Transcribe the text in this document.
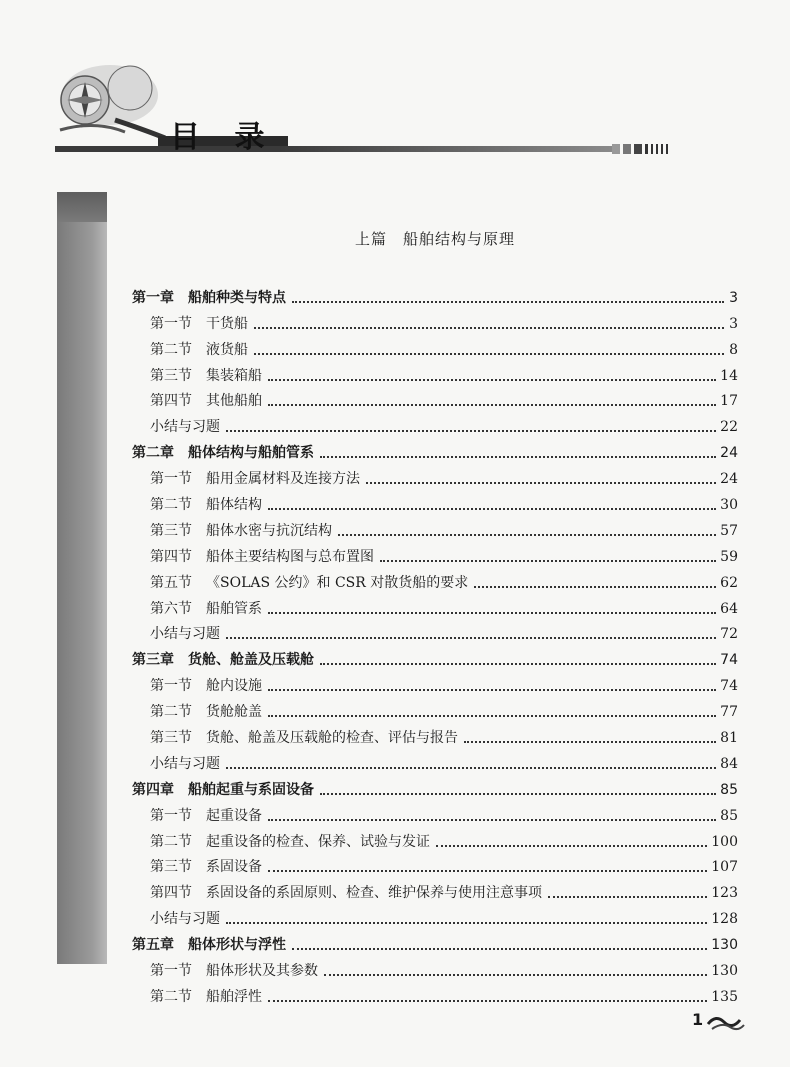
目 录
上篇　船舶结构与原理
第一章 船舶种类与特点	3
第一节 干货船	3
第二节 液货船	8
第三节 集装箱船	14
第四节 其他船舶	17
小结与习题	22
第二章 船体结构与船舶管系	24
第一节 船用金属材料及连接方法	24
第二节 船体结构	30
第三节 船体水密与抗沉结构	57
第四节 船体主要结构图与总布置图	59
第五节 《SOLAS 公约》和 CSR 对散货船的要求	62
第六节 船舶管系	64
小结与习题	72
第三章 货舱、舱盖及压载舱	74
第一节 舱内设施	74
第二节 货舱舱盖	77
第三节 货舱、舱盖及压载舱的检查、评估与报告	81
小结与习题	84
第四章 船舶起重与系固设备	85
第一节 起重设备	85
第二节 起重设备的检查、保养、试验与发证	100
第三节 系固设备	107
第四节 系固设备的系固原则、检查、维护保养与使用注意事项	123
小结与习题	128
第五章 船体形状与浮性	130
第一节 船体形状及其参数	130
第二节 船舶浮性	135
1
